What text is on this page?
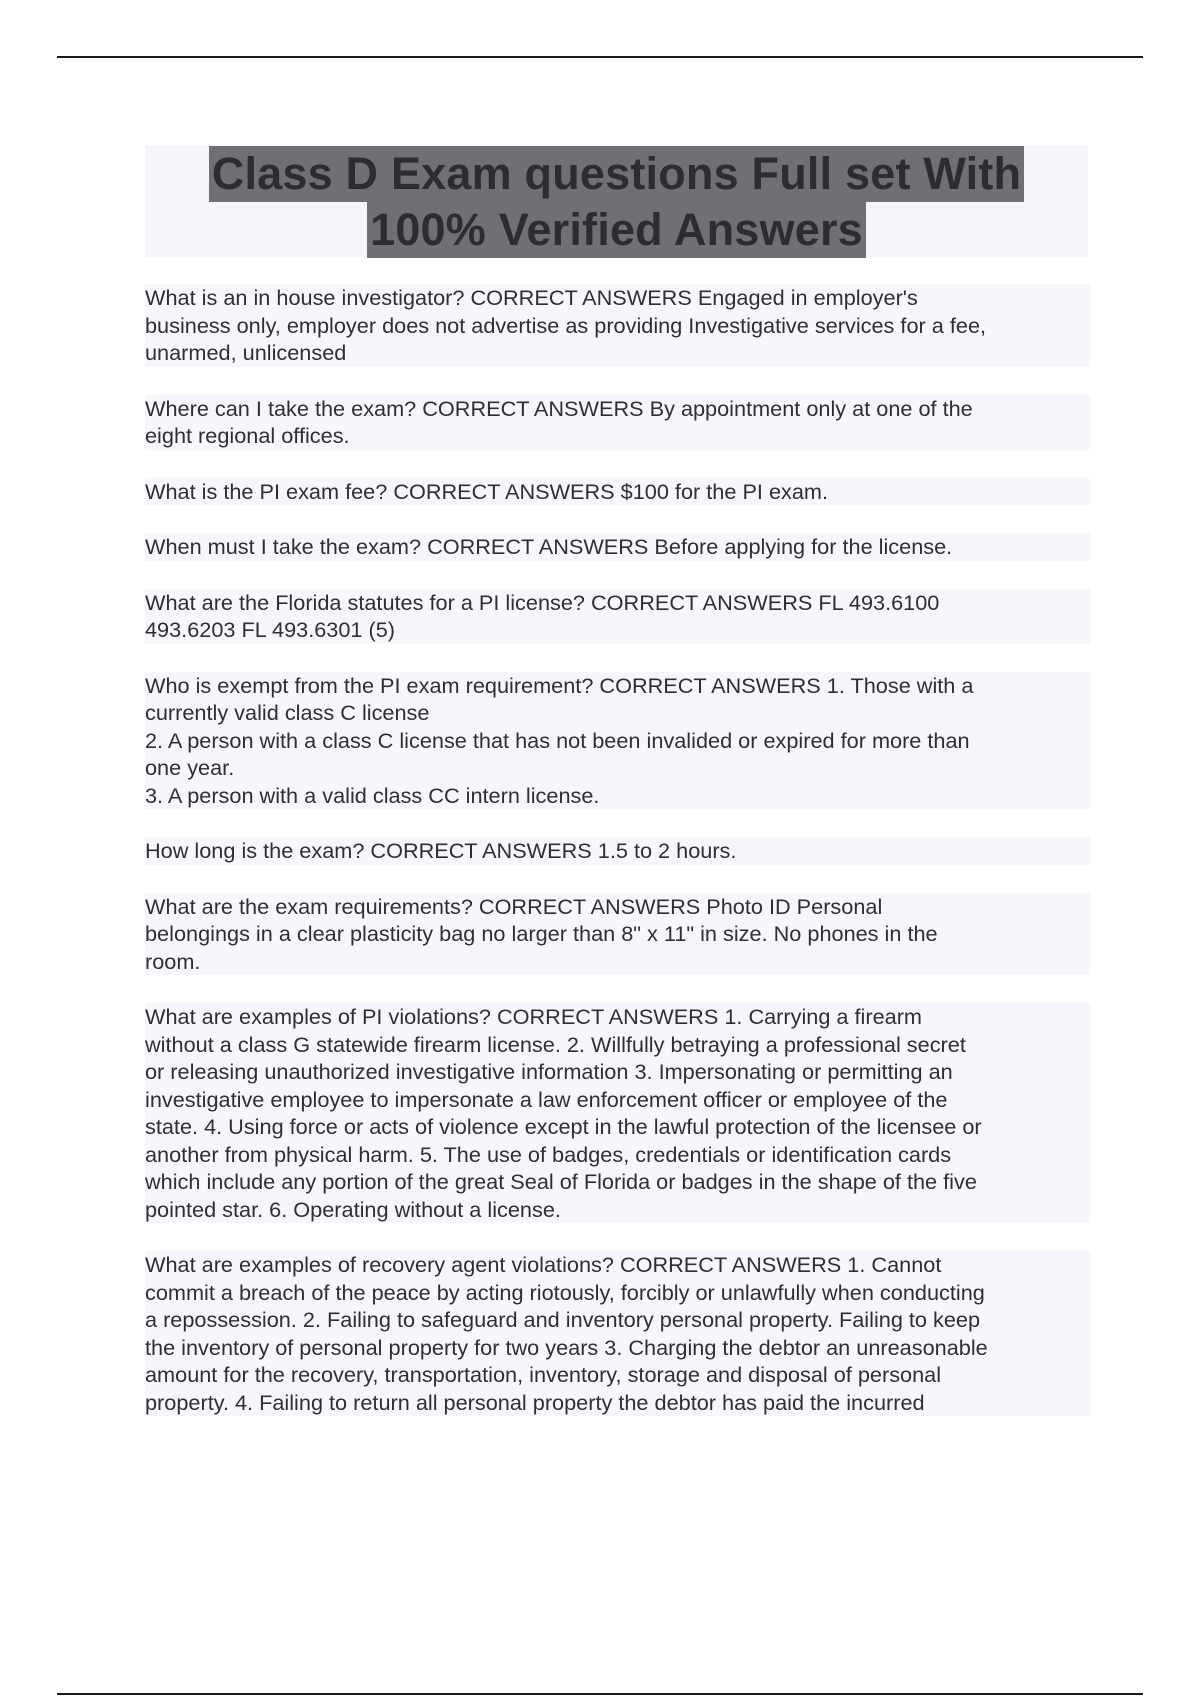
Class D Exam questions Full set With
100% Verified Answers
What is an in house investigator? CORRECT ANSWERS Engaged in employer's
business only, employer does not advertise as providing Investigative services for a fee,
unarmed, unlicensed
Where can I take the exam? CORRECT ANSWERS By appointment only at one of the
eight regional offices.
What is the PI exam fee? CORRECT ANSWERS $100 for the PI exam.
When must I take the exam? CORRECT ANSWERS Before applying for the license.
What are the Florida statutes for a PI license? CORRECT ANSWERS FL 493.6100
493.6203 FL 493.6301 (5)
Who is exempt from the PI exam requirement? CORRECT ANSWERS 1. Those with a
currently valid class C license
2. A person with a class C license that has not been invalided or expired for more than
one year.
3. A person with a valid class CC intern license.
How long is the exam? CORRECT ANSWERS 1.5 to 2 hours.
What are the exam requirements? CORRECT ANSWERS Photo ID Personal
belongings in a clear plasticity bag no larger than 8" x 11" in size. No phones in the
room.
What are examples of PI violations? CORRECT ANSWERS 1. Carrying a firearm
without a class G statewide firearm license. 2. Willfully betraying a professional secret
or releasing unauthorized investigative information 3. Impersonating or permitting an
investigative employee to impersonate a law enforcement officer or employee of the
state. 4. Using force or acts of violence except in the lawful protection of the licensee or
another from physical harm. 5. The use of badges, credentials or identification cards
which include any portion of the great Seal of Florida or badges in the shape of the five
pointed star. 6. Operating without a license.
What are examples of recovery agent violations? CORRECT ANSWERS 1. Cannot
commit a breach of the peace by acting riotously, forcibly or unlawfully when conducting
a repossession. 2. Failing to safeguard and inventory personal property. Failing to keep
the inventory of personal property for two years 3. Charging the debtor an unreasonable
amount for the recovery, transportation, inventory, storage and disposal of personal
property. 4. Failing to return all personal property the debtor has paid the incurred
